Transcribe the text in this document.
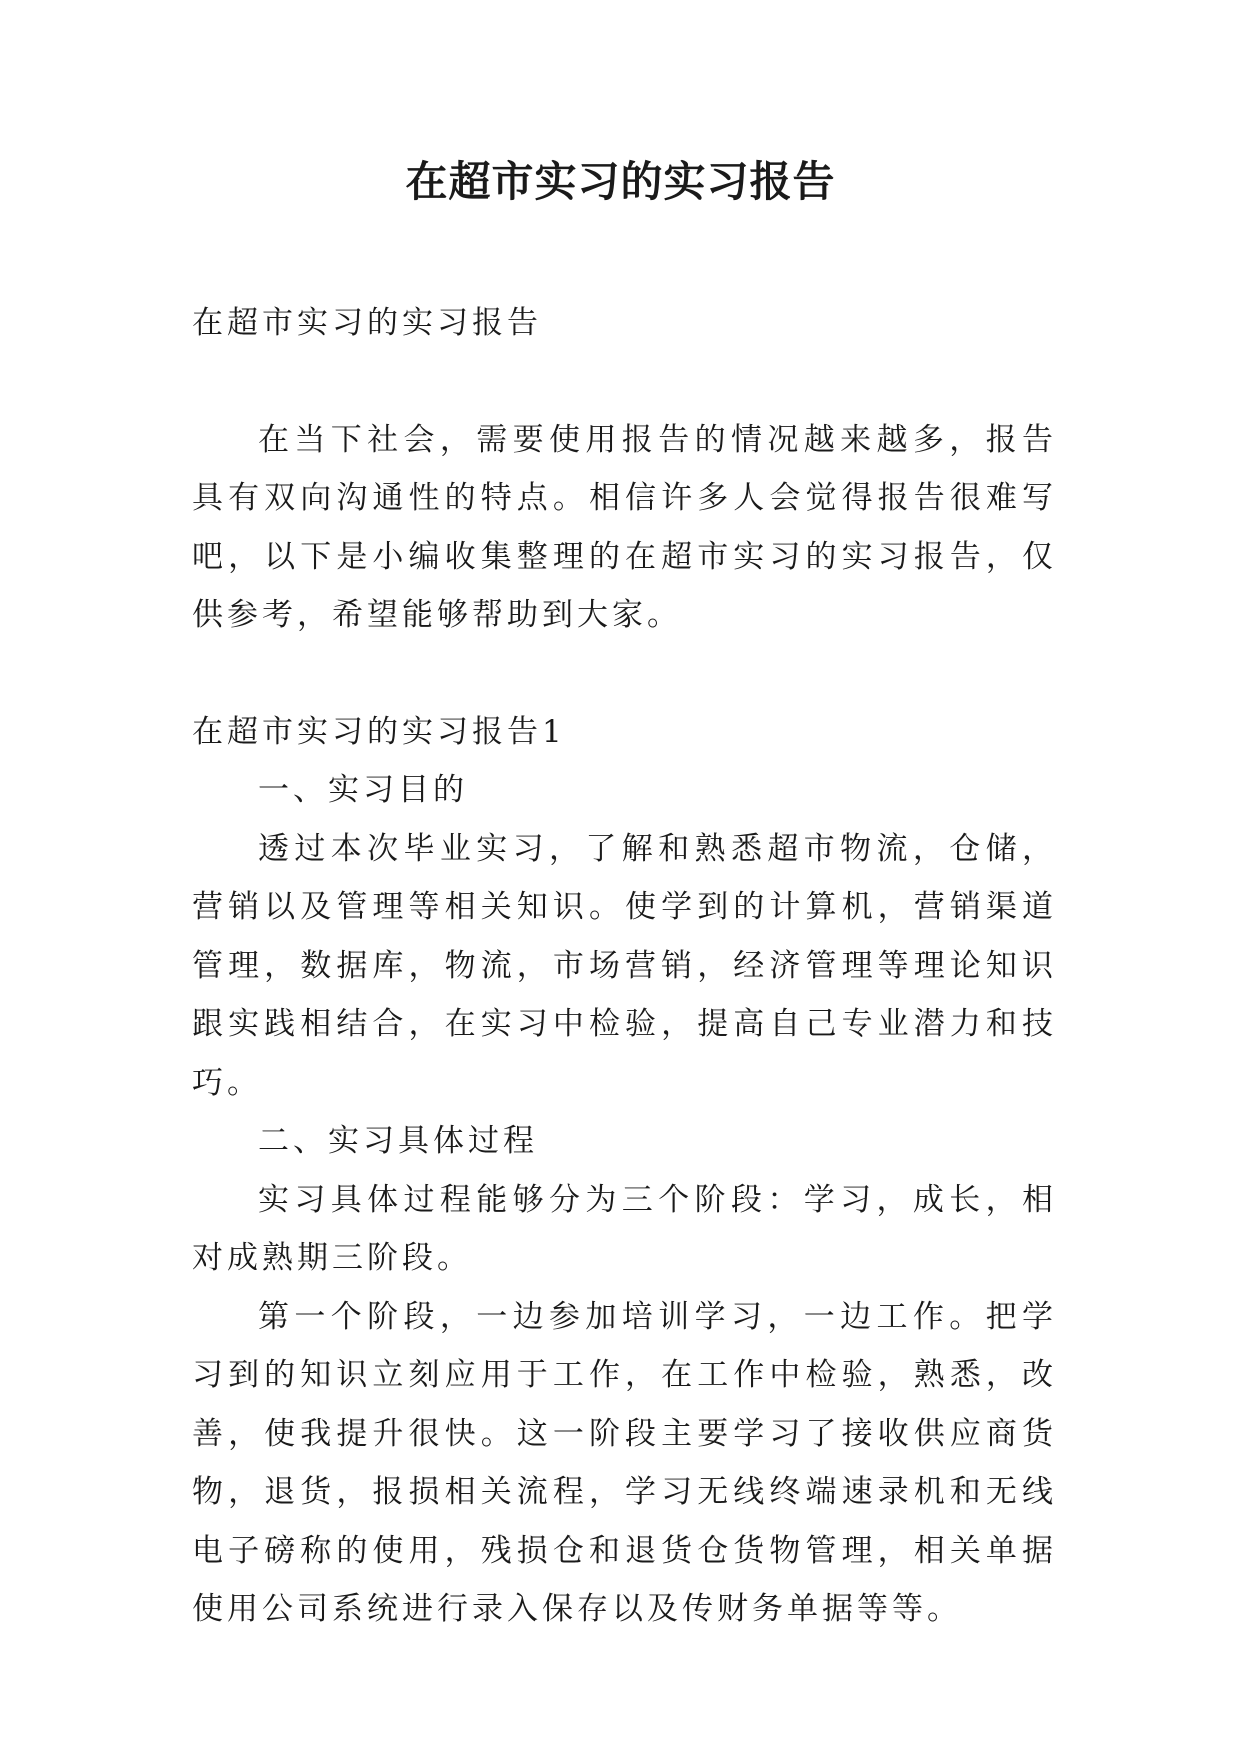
在超市实习的实习报告

在超市实习的实习报告

在当下社会，需要使用报告的情况越来越多，报告具有双向沟通性的特点。相信许多人会觉得报告很难写吧，以下是小编收集整理的在超市实习的实习报告，仅供参考，希望能够帮助到大家。

在超市实习的实习报告1

一、实习目的

透过本次毕业实习，了解和熟悉超市物流，仓储，营销以及管理等相关知识。使学到的计算机，营销渠道管理，数据库，物流，市场营销，经济管理等理论知识跟实践相结合，在实习中检验，提高自己专业潜力和技巧。

二、实习具体过程

实习具体过程能够分为三个阶段：学习，成长，相对成熟期三阶段。

第一个阶段，一边参加培训学习，一边工作。把学习到的知识立刻应用于工作，在工作中检验，熟悉，改善，使我提升很快。这一阶段主要学习了接收供应商货物，退货，报损相关流程，学习无线终端速录机和无线电子磅称的使用，残损仓和退货仓货物管理，相关单据使用公司系统进行录入保存以及传财务单据等等。
